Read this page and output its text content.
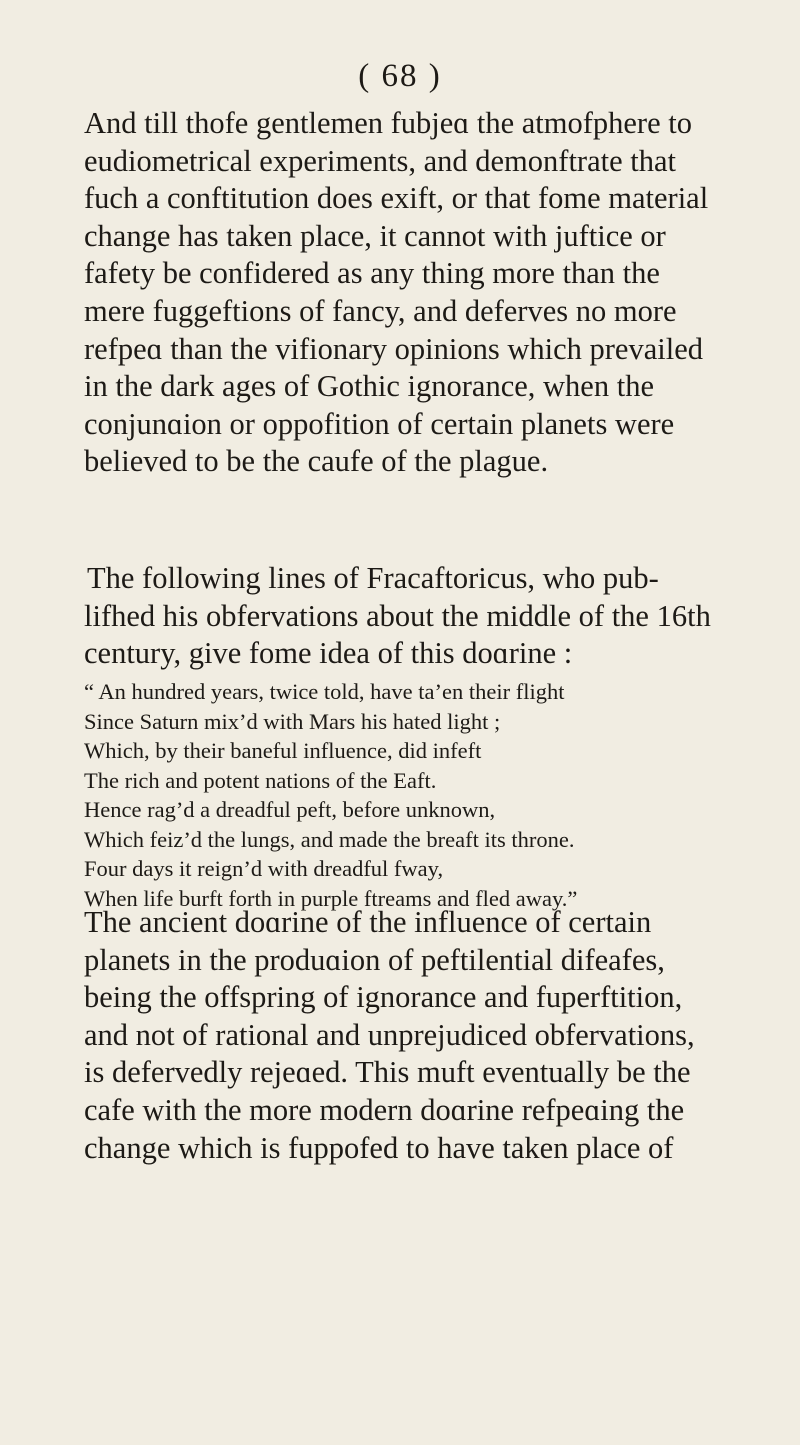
( 68 )

And till thofe gentlemen fubjeɑ the atmofphere to
eudiometrical experiments, and demonftrate that
fuch a conftitution does exift, or that fome material
change has taken place, it cannot with juftice or
fafety be confidered as any thing more than the
mere fuggeftions of fancy, and deferves no more
refpeɑ than the vifionary opinions which prevailed
in the dark ages of Gothic ignorance, when the
conjunɑion or oppofition of certain planets were
believed to be the caufe of the plague.

The following lines of Fracaftoricus, who pub-
lifhed his obfervations about the middle of the 16th
century, give fome idea of this doɑrine :

“ An hundred years, twice told, have ta’en their flight
Since Saturn mix’d with Mars his hated light ;
Which, by their baneful influence, did infeft
The rich and potent nations of the Eaft.
Hence rag’d a dreadful peft, before unknown,
Which feiz’d the lungs, and made the breaft its throne.
Four days it reign’d with dreadful fway,
When life burft forth in purple ftreams and fled away.”

The ancient doɑrine of the influence of certain
planets in the produɑion of peftilential difeafes,
being the offspring of ignorance and fuperftition,
and not of rational and unprejudiced obfervations,
is defervedly rejeɑed. This muft eventually be the
cafe with the more modern doɑrine refpeɑing the
change which is fuppofed to have taken place of
